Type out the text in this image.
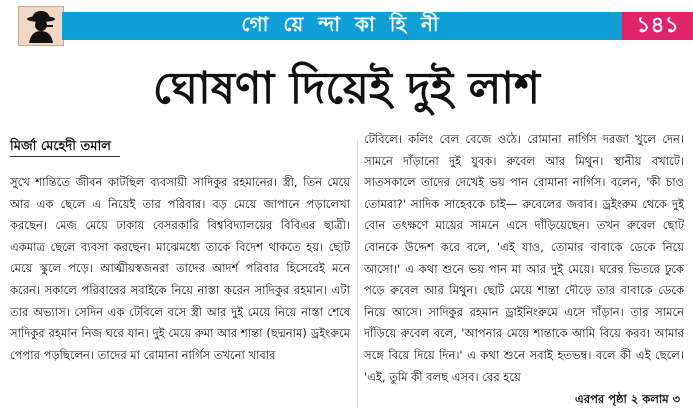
গো য়ে ন্দা কা হি নী	১৪১
ঘোষণা দিয়েই দুই লাশ
মির্জা মেহেদী তমাল

সুখে শান্তিতে জীবন কাটছিল ব্যবসায়ী সাদিকুর রহমানের। স্ত্রী, তিন মেয়ে আর এক ছেলে এ নিয়েই তার পরিবার। বড় মেয়ে জাপানে পড়ালেখা করছেন। মেজ মেয়ে ঢাকায় বেসরকারি বিশ্ববিদ্যালয়ের বিবিএর ছাত্রী। একমাত্র ছেলে ব্যবসা করছেন। মাঝেমধ্যে তাকে বিদেশ থাকতে হয়। ছোট মেয়ে স্কুলে পড়ে। আত্মীয়স্বজনরা তাদের আদর্শ পরিবার হিসেবেই মনে করেন। সকালে পরিবারের সবাইকে নিয়ে নাস্তা করেন সাদিকুর রহমান। এটা তার অভ্যাস। সেদিন এক টেবিলে বসে স্ত্রী আর দুই মেয়ে নিয়ে নাস্তা শেষে সাদিকুর রহমান নিজ ঘরে যান। দুই মেয়ে রুমা আর শান্তা (ছদ্মনাম) ড্রইংরুমে পেপার পড়ছিলেন। তাদের মা রোমানা নার্গিস তখনো খাবার

টেবিলে। কলিং বেল বেজে ওঠে। রোমানা নার্গিস দরজা খুলে দেন। সামনে দাঁড়ানো দুই যুবক। রুবেল আর মিথুন। স্থানীয় বখাটে। সাতসকালে তাদের দেখেই ভয় পান রোমানা নার্গিস। বলেন, 'কী চাও তোমরা?' সাদিক সাহেবকে চাই— রুবেলের জবাব। ড্রইংরুম থেকে দুই বোন তৎক্ষণে মায়ের সামনে এসে দাঁড়িয়েছেন। তখন রুবেল ছোট বোনকে উদ্দেশ করে বলে, 'এই যাও, তোমার বাবাকে ডেকে নিয়ে আসো।' এ কথা শুনে ভয় পান মা আর দুই মেয়ে। ঘরের ভিতরে ঢুকে পড়ে রুবেল আর মিথুন। ছোট মেয়ে শান্তা দৌড়ে তার বাবাকে ডেকে নিয়ে আসে। সাদিকুর রহমান ড্রাইনিংরুমে এসে দাঁড়ান। তার সামনে দাঁড়িয়ে রুবেল বলে, 'আপনার মেয়ে শান্তাকে আমি বিয়ে করব। আমার সঙ্গে বিয়ে দিয়ে দিন।' এ কথা শুনে সবাই হতভম্ব। বলে কী এই ছেলে। 'এই, তুমি কী বলছ এসব। বের হয়ে

এরপর পৃষ্ঠা ২ কলাম ৩
